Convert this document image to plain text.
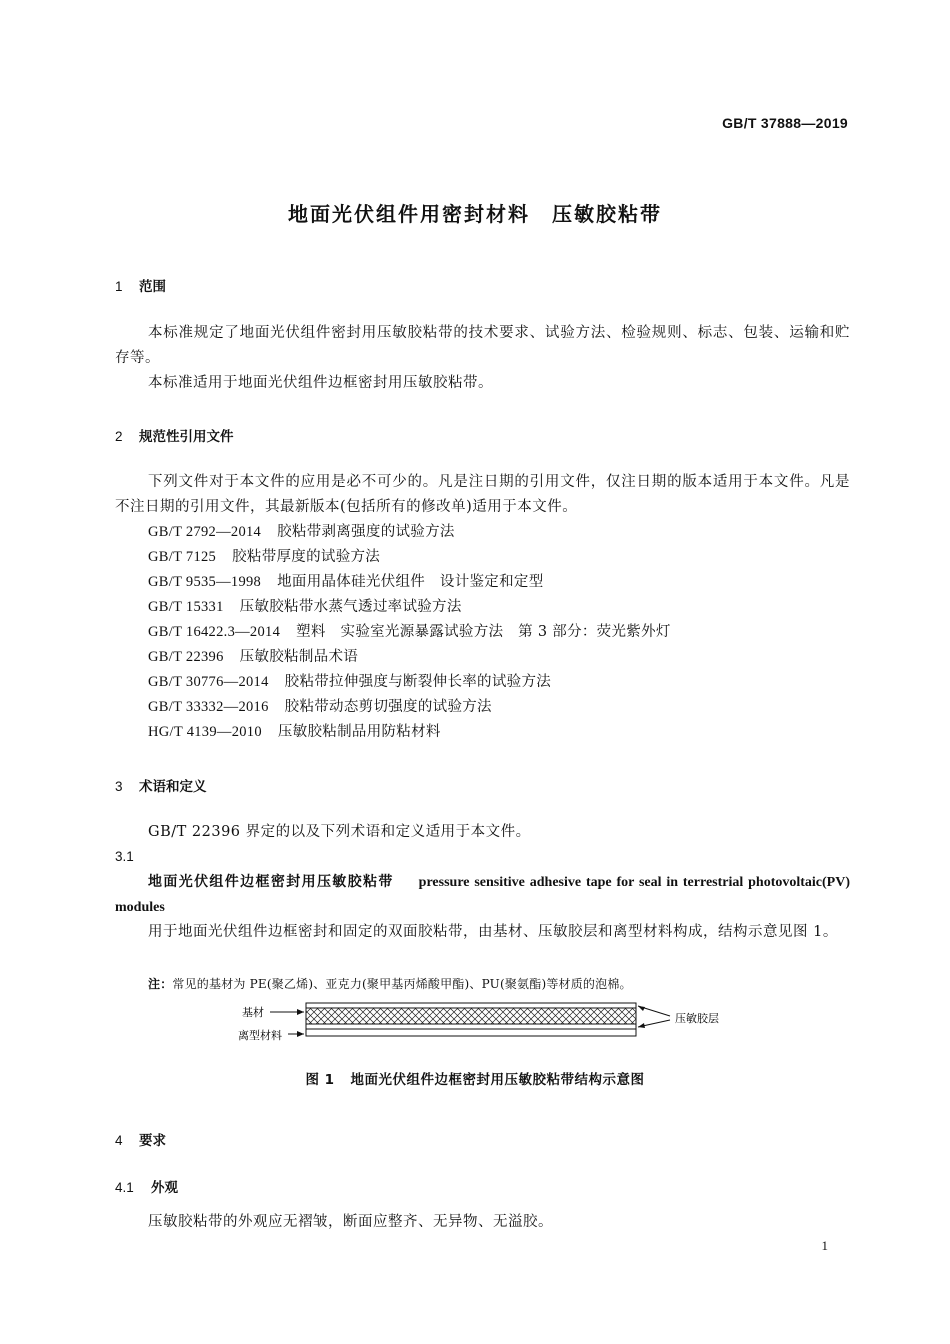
GB/T 37888—2019
地面光伏组件用密封材料　压敏胶粘带
1 范围
本标准规定了地面光伏组件密封用压敏胶粘带的技术要求、试验方法、检验规则、标志、包装、运输和贮存等。
本标准适用于地面光伏组件边框密封用压敏胶粘带。
2 规范性引用文件
下列文件对于本文件的应用是必不可少的。凡是注日期的引用文件，仅注日期的版本适用于本文件。凡是不注日期的引用文件，其最新版本(包括所有的修改单)适用于本文件。
GB/T 2792—2014 胶粘带剥离强度的试验方法
GB/T 7125 胶粘带厚度的试验方法
GB/T 9535—1998 地面用晶体硅光伏组件　设计鉴定和定型
GB/T 15331 压敏胶粘带水蒸气透过率试验方法
GB/T 16422.3—2014 塑料　实验室光源暴露试验方法　第 3 部分：荧光紫外灯
GB/T 22396 压敏胶粘制品术语
GB/T 30776—2014 胶粘带拉伸强度与断裂伸长率的试验方法
GB/T 33332—2016 胶粘带动态剪切强度的试验方法
HG/T 4139—2010 压敏胶粘制品用防粘材料
3 术语和定义
GB/T 22396 界定的以及下列术语和定义适用于本文件。
3.1
地面光伏组件边框密封用压敏胶粘带 pressure sensitive adhesive tape for seal in terrestrial photovoltaic(PV) modules
用于地面光伏组件边框密封和固定的双面胶粘带，由基材、压敏胶层和离型材料构成，结构示意见图 1。
注：常见的基材为 PE(聚乙烯)、亚克力(聚甲基丙烯酸甲酯)、PU(聚氨酯)等材质的泡棉。
基材
离型材料
压敏胶层
图 1 地面光伏组件边框密封用压敏胶粘带结构示意图
4 要求
4.1 外观
压敏胶粘带的外观应无褶皱，断面应整齐、无异物、无溢胶。
1
